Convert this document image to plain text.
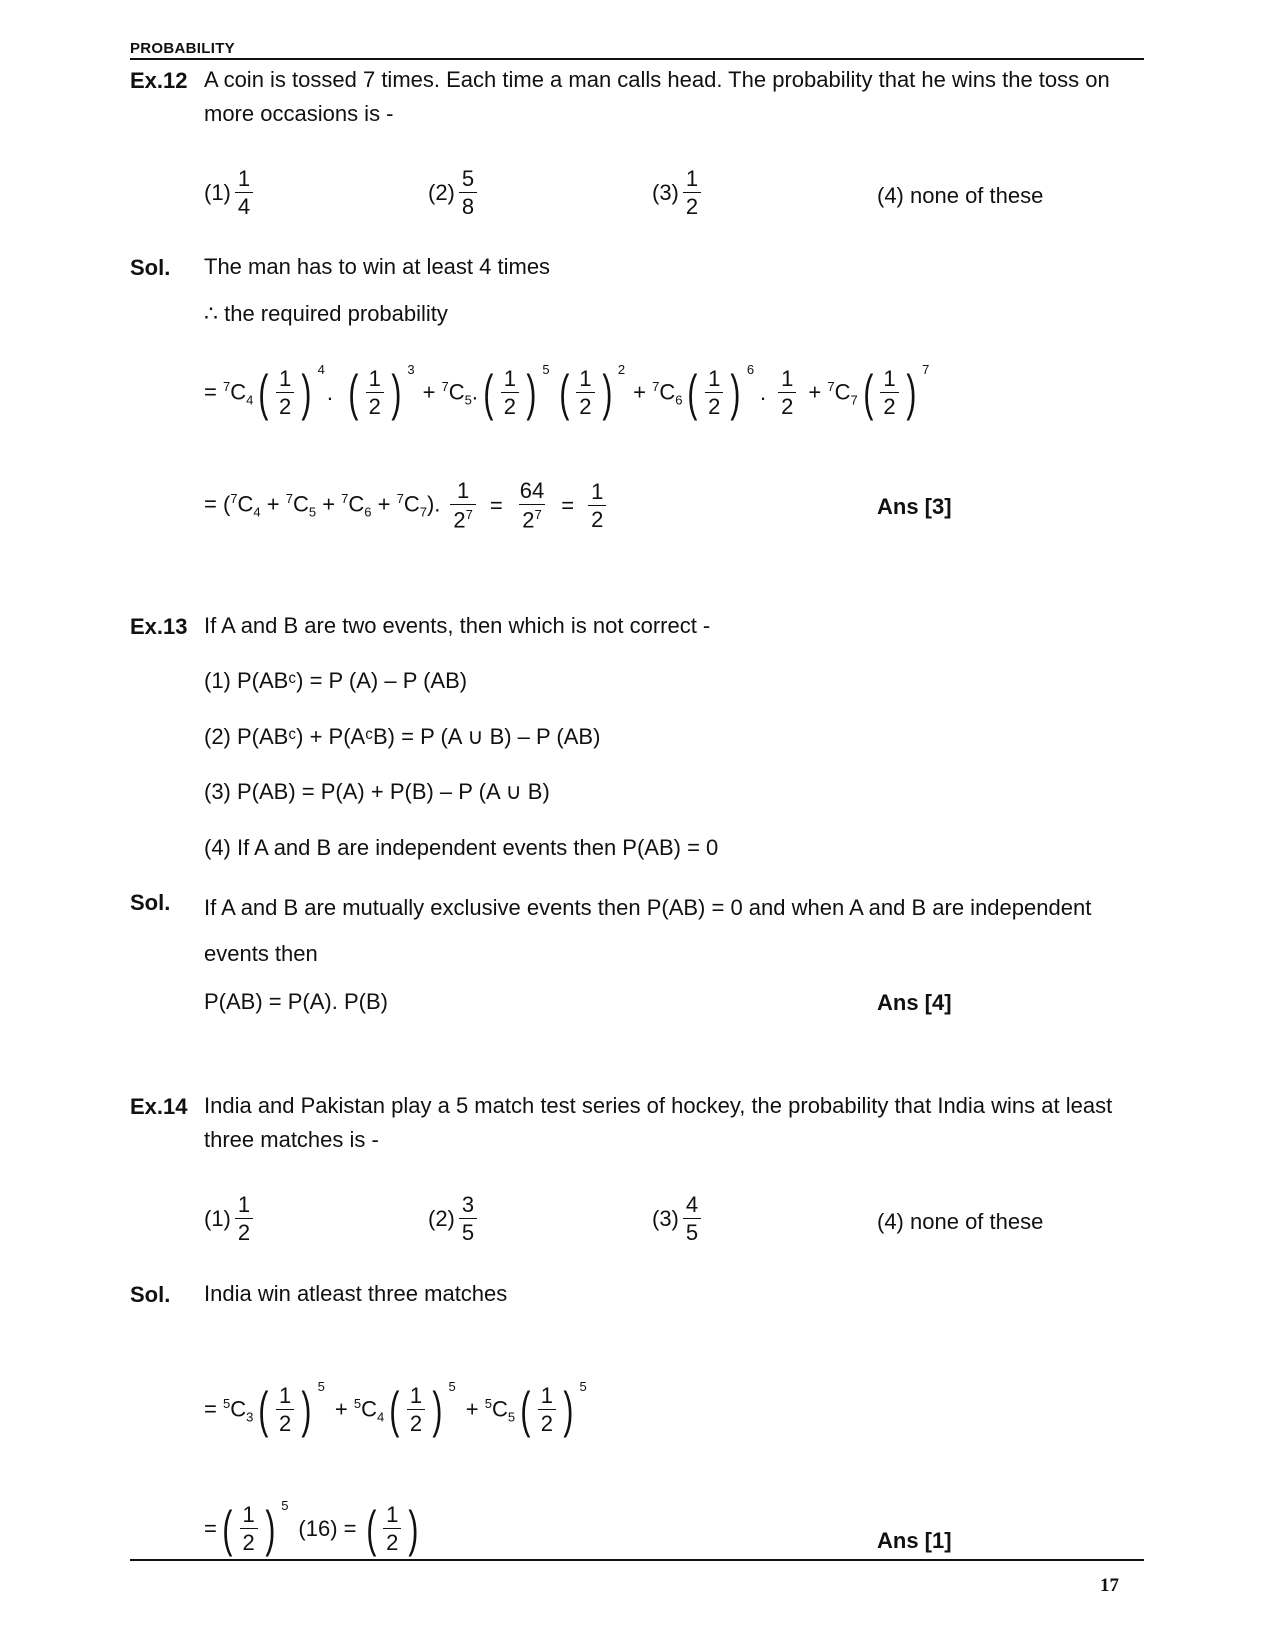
PROBABILITY
Ex.12 A coin is tossed 7 times. Each time a man calls head. The probability that he wins the toss on more occasions is -
$(1) \frac{1}{4}$	$(2) \frac{5}{8}$	$(3) \frac{1}{2}$	(4)
none of these
Sol. The man has to win at least 4 times
∴ the required probability
= $^7C_4$ ( $\frac{1}{2}$ ) 4
. ( $\frac{1}{2}$ ) 3
+ $^7C_5$. ( $\frac{1}{2}$ ) 5 ( $\frac{1}{2}$ ) 2
+ $^7C_6$ ( $\frac{1}{2}$ ) 6
. $\frac{1}{2} + ^7C_7$ ( $\frac{1}{2}$ ) 7
= $(^7C_4 + ^7C_5 + ^7C_6 + ^7C_7)$. $\frac{1}{2^7} = \frac{64}{2^7} = \frac{1}{2}$	Ans [3]
Ex.13 If A and B are two events, then which is not correct -
(1) P(ABᶜ) = P (A) – P (AB)
(2) P(ABᶜ) + P(AᶜB) = P (A ∪ B) – P (AB)
(3) P(AB) = P(A) + P(B) – P (A ∪ B)
(4) If A and B are independent events then P(AB) = 0
Sol. If A and B are mutually exclusive events then P(AB) = 0 and when A and B are independent events then
P(AB) = P(A). P(B)	Ans [4]
Ex.14 India and Pakistan play a 5 match test series of hockey, the probability that India wins at least three matches is -
$(1) \frac{1}{2}$	$(2) \frac{3}{5}$	$(3) \frac{4}{5}$	(4)
none of these
Sol. India win atleast three matches
= $^5C_3$ ( $\frac{1}{2}$ ) 5
+ $^5C_4$ ( $\frac{1}{2}$ ) 5
+ $^5C_5$ ( $\frac{1}{2}$ ) 5
= ( $\frac{1}{2}$ ) 5
(16) = ( $\frac{1}{2}$ )	Ans [1]
17
